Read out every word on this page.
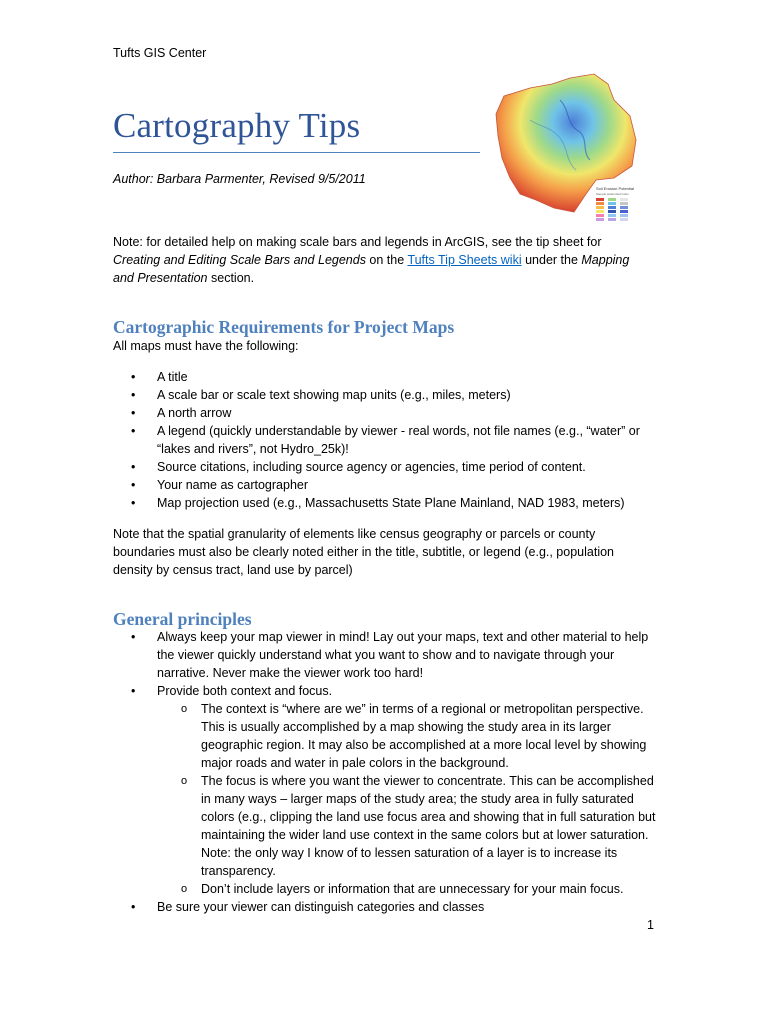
Tufts GIS Center
Cartography Tips
Author: Barbara Parmenter, Revised 9/5/2011
Soil Erosion Potential
Sample watershed index
Note: for detailed help on making scale bars and legends in ArcGIS, see the tip sheet for Creating and Editing Scale Bars and Legends on the Tufts Tip Sheets wiki under the Mapping and Presentation section.
Cartographic Requirements for Project Maps
All maps must have the following:
• A title
• A scale bar or scale text showing map units (e.g., miles, meters)
• A north arrow
• A legend (quickly understandable by viewer - real words, not file names (e.g., “water” or “lakes and rivers”, not Hydro_25k)!
• Source citations, including source agency or agencies, time period of content.
• Your name as cartographer
• Map projection used (e.g., Massachusetts State Plane Mainland, NAD 1983, meters)
Note that the spatial granularity of elements like census geography or parcels or county boundaries must also be clearly noted either in the title, subtitle, or legend (e.g., population density by census tract, land use by parcel)
General principles
• Always keep your map viewer in mind! Lay out your maps, text and other material to help the viewer quickly understand what you want to show and to navigate through your narrative. Never make the viewer work too hard!
• Provide both context and focus.
o The context is “where are we” in terms of a regional or metropolitan perspective. This is usually accomplished by a map showing the study area in its larger geographic region. It may also be accomplished at a more local level by showing major roads and water in pale colors in the background.
o The focus is where you want the viewer to concentrate. This can be accomplished in many ways – larger maps of the study area; the study area in fully saturated colors (e.g., clipping the land use focus area and showing that in full saturation but maintaining the wider land use context in the same colors but at lower saturation. Note: the only way I know of to lessen saturation of a layer is to increase its transparency.
o Don’t include layers or information that are unnecessary for your main focus.
• Be sure your viewer can distinguish categories and classes
1
